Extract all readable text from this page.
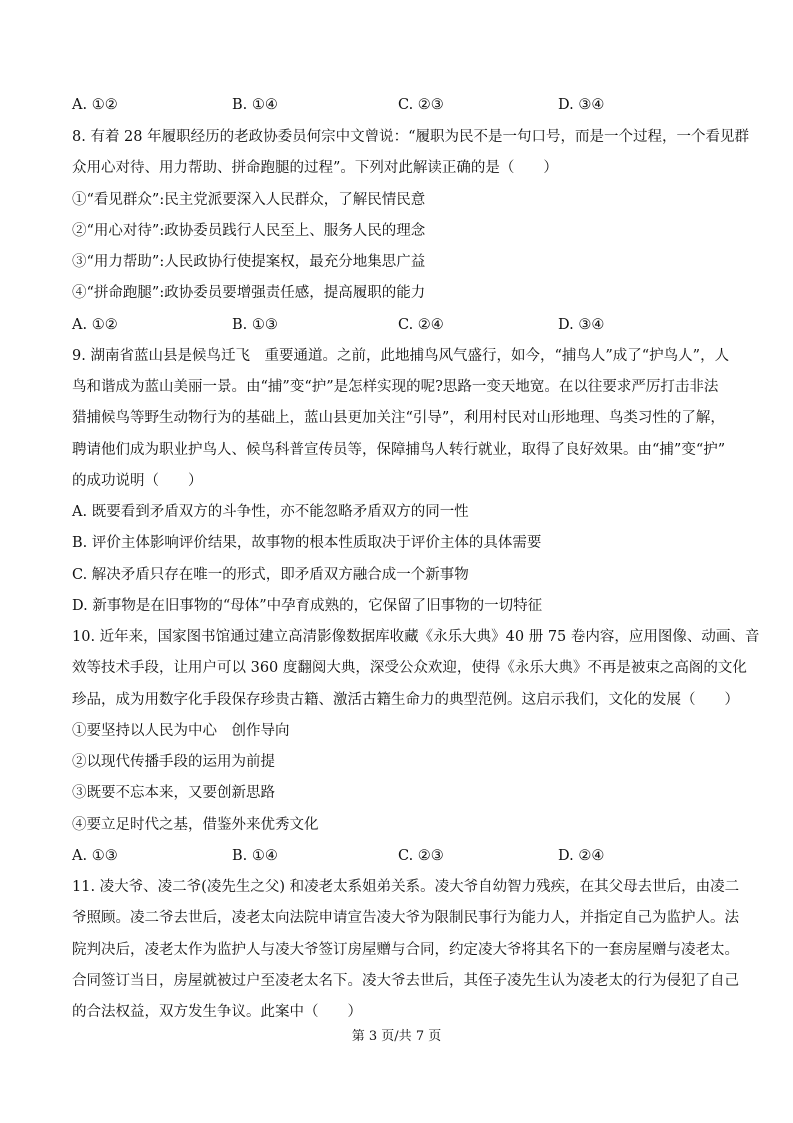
A. ①②	B. ①④	C. ②③	D. ③④
8. 有着 28 年履职经历的老政协委员何宗中文曾说：“履职为民不是一句口号，而是一个过程，一个看见群
众用心对待、用力帮助、拼命跑腿的过程”。下列对此解读正确的是（　　）
①“看见群众”:民主党派要深入人民群众，了解民情民意
②“用心对待”:政协委员践行人民至上、服务人民的理念
③“用力帮助”:人民政协行使提案权，最充分地集思广益
④“拼命跑腿”:政协委员要增强责任感，提高履职的能力
A. ①②	B. ①③	C. ②④	D. ③④
9. 湖南省蓝山县是候鸟迁飞　重要通道。之前，此地捕鸟风气盛行，如今，“捕鸟人”成了“护鸟人”，人
鸟和谐成为蓝山美丽一景。由“捕”变“护”是怎样实现的呢?思路一变天地宽。在以往要求严厉打击非法
猎捕候鸟等野生动物行为的基础上，蓝山县更加关注“引导”，利用村民对山形地理、鸟类习性的了解，
聘请他们成为职业护鸟人、候鸟科普宣传员等，保障捕鸟人转行就业，取得了良好效果。由“捕”变“护”
的成功说明（　　）
A. 既要看到矛盾双方的斗争性，亦不能忽略矛盾双方的同一性
B. 评价主体影响评价结果，故事物的根本性质取决于评价主体的具体需要
C. 解决矛盾只存在唯一的形式，即矛盾双方融合成一个新事物
D. 新事物是在旧事物的“母体”中孕育成熟的，它保留了旧事物的一切特征
10. 近年来，国家图书馆通过建立高清影像数据库收藏《永乐大典》40 册 75 卷内容，应用图像、动画、音
效等技术手段，让用户可以 360 度翻阅大典，深受公众欢迎，使得《永乐大典》不再是被束之高阁的文化
珍品，成为用数字化手段保存珍贵古籍、激活古籍生命力的典型范例。这启示我们，文化的发展（　　）
①要坚持以人民为中心　创作导向
②以现代传播手段的运用为前提
③既要不忘本来，又要创新思路
④要立足时代之基，借鉴外来优秀文化
A. ①③	B. ①④	C. ②③	D. ②④
11. 凌大爷、凌二爷(凌先生之父) 和凌老太系姐弟关系。凌大爷自幼智力残疾，在其父母去世后，由凌二
爷照顾。凌二爷去世后，凌老太向法院申请宣告凌大爷为限制民事行为能力人，并指定自己为监护人。法
院判决后，凌老太作为监护人与凌大爷签订房屋赠与合同，约定凌大爷将其名下的一套房屋赠与凌老太。
合同签订当日，房屋就被过户至凌老太名下。凌大爷去世后，其侄子凌先生认为凌老太的行为侵犯了自己
的合法权益，双方发生争议。此案中（　　）
第 3 页/共 7 页
